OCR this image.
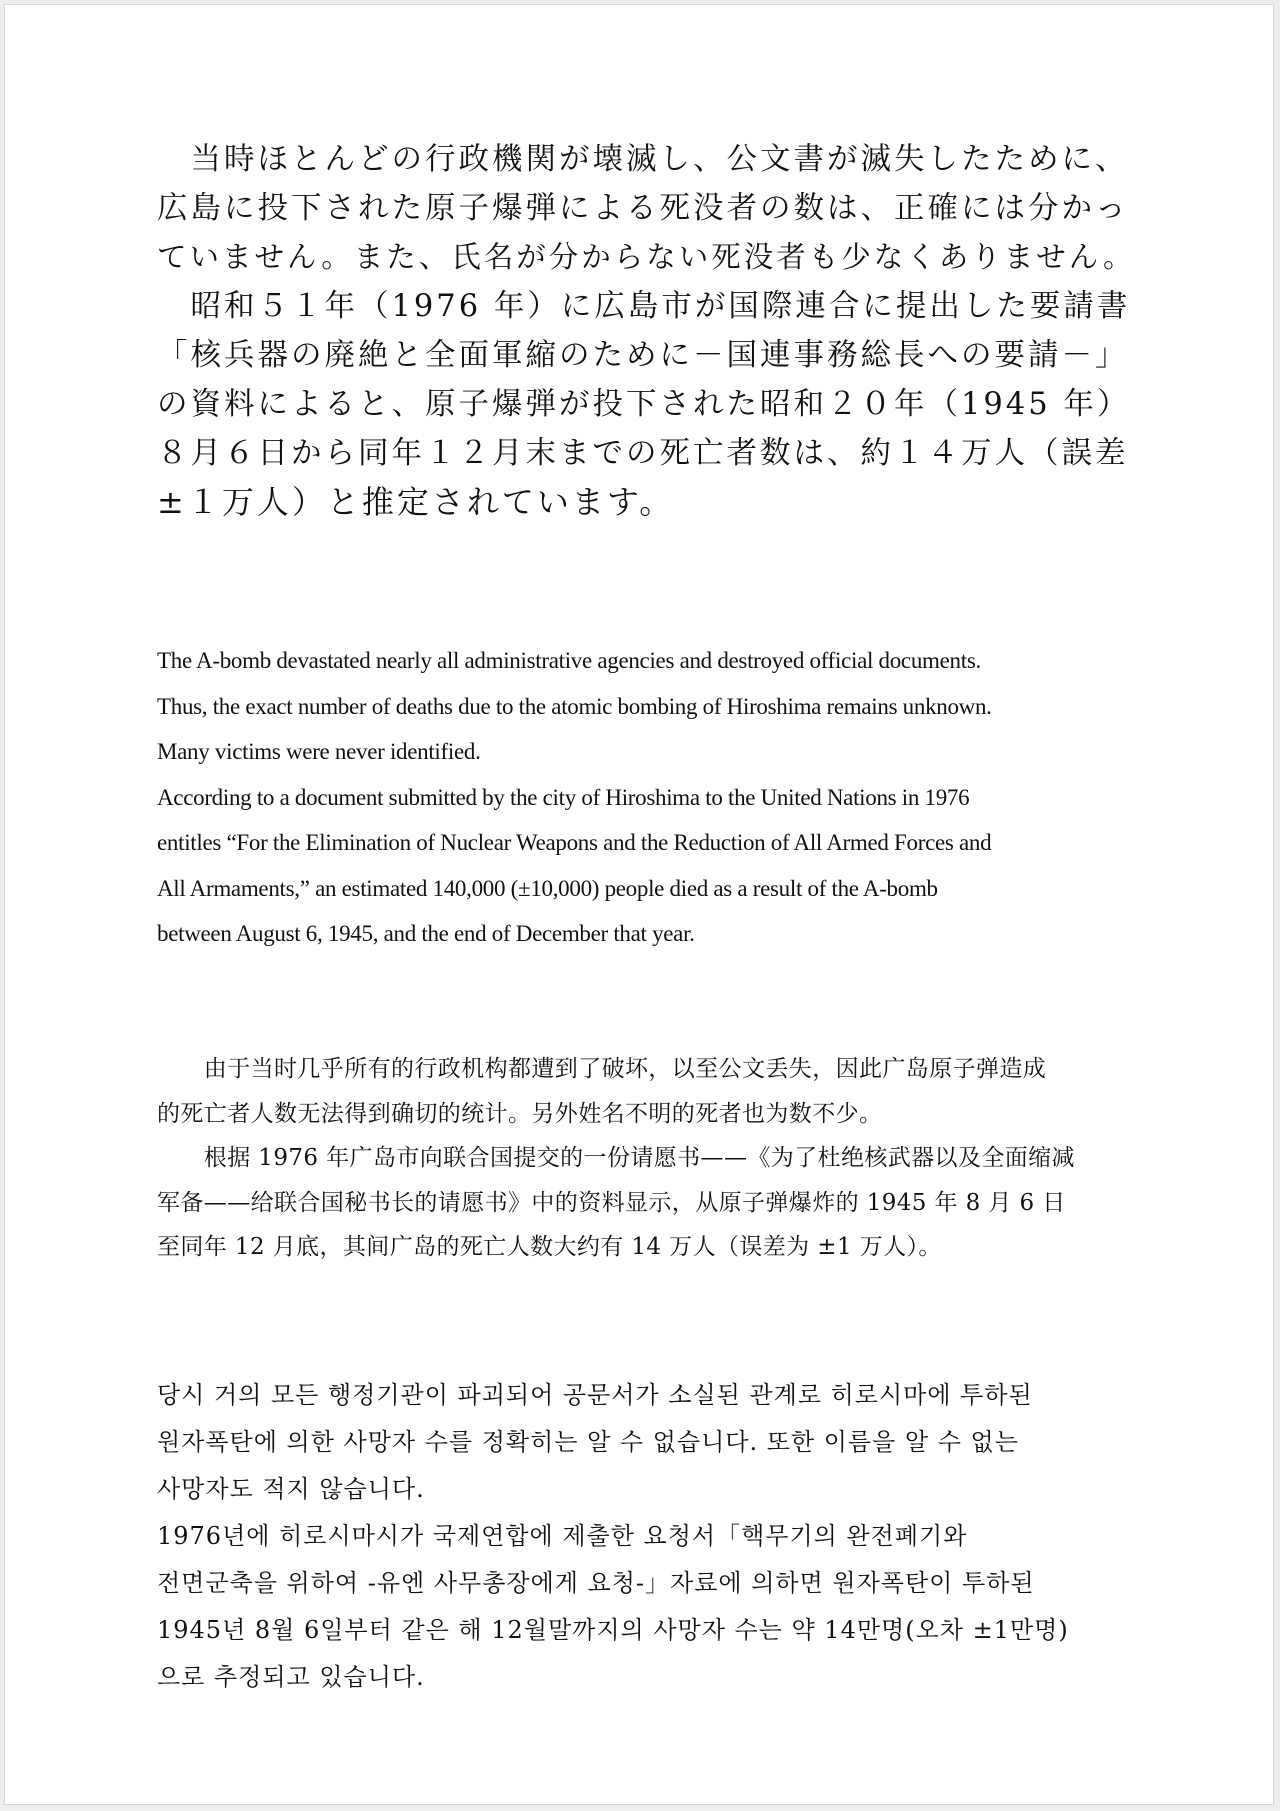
　当時ほとんどの行政機関が壊滅し、公文書が滅失したために、
広島に投下された原子爆弾による死没者の数は、正確には分かっ
ていません。また、氏名が分からない死没者も少なくありません。
　昭和５１年（1976 年）に広島市が国際連合に提出した要請書
「核兵器の廃絶と全面軍縮のために－国連事務総長への要請－」
の資料によると、原子爆弾が投下された昭和２０年（1945 年）
８月６日から同年１２月末までの死亡者数は、約１４万人（誤差
±１万人）と推定されています。
The A-bomb devastated nearly all administrative agencies and destroyed official documents.
Thus, the exact number of deaths due to the atomic bombing of Hiroshima remains unknown.
Many victims were never identified.
According to a document submitted by the city of Hiroshima to the United Nations in 1976
entitles “For the Elimination of Nuclear Weapons and the Reduction of All Armed Forces and
All Armaments,” an estimated 140,000 (±10,000) people died as a result of the A-bomb
between August 6, 1945, and the end of December that year.
　　由于当时几乎所有的行政机构都遭到了破坏，以至公文丢失，因此广岛原子弹造成
的死亡者人数无法得到确切的统计。另外姓名不明的死者也为数不少。
　　根据 1976 年广岛市向联合国提交的一份请愿书——《为了杜绝核武器以及全面缩减
军备——给联合国秘书长的请愿书》中的资料显示，从原子弹爆炸的 1945 年 8 月 6 日
至同年 12 月底，其间广岛的死亡人数大约有 14 万人（误差为 ±1 万人）。
당시 거의 모든 행정기관이 파괴되어 공문서가 소실된 관계로 히로시마에 투하된
원자폭탄에 의한 사망자 수를 정확히는 알 수 없습니다. 또한 이름을 알 수 없는
사망자도 적지 않습니다.
1976년에 히로시마시가 국제연합에 제출한 요청서「핵무기의 완전폐기와
전면군축을 위하여 -유엔 사무총장에게 요청-」자료에 의하면 원자폭탄이 투하된
1945년 8월 6일부터 같은 해 12월말까지의 사망자 수는 약 14만명(오차 ±1만명)
으로 추정되고 있습니다.
